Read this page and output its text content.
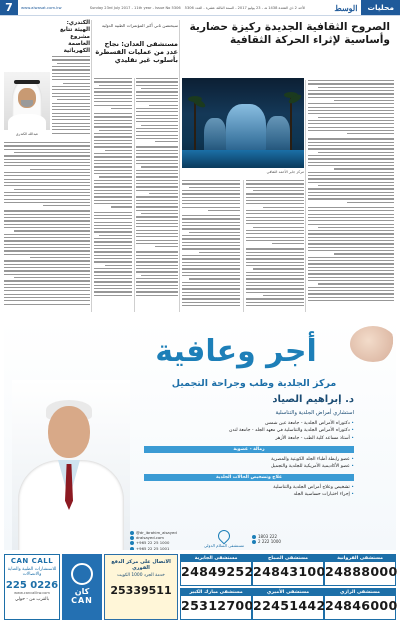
7	www.alwasat.com.kw	Sunday 23rd July 2017 - 11th year - Issue No 5306 الأحد 2 ذي القعدة 1438 هـ - 23 يوليو 2017 - السنة الثالثة عشرة - العدد 5306	الوسط	محليات
الصروح الثقافية الجديدة ركيزة حضارية وأساسية لإثراء الحركة الثقافية
مركز جابر الأحمد الثقافي
سيحتضن ثاني أكبر المؤتمرات الطبية الدولية
مستشفى العدان: نجاح عدد من عمليات القسطرة بأسلوب غير تقليدي
الكندري: الهيئة تتابع مشروع العاصمة الكهربائية
عبدالله الكندري
أجر وعافية
مركز الجلدية وطب وجراحة التجميل
د. إبراهيم الصياد
استشاري أمراض الجلدية والتناسلية
• دكتوراه الأمراض الجلدية - جامعة عين شمس
• دكتوراه الأمراض الجلدية والتناسلية في معهد الجلد - جامعة لندن
• أستاذ مساعد كلية الطب - جامعة الأزهر
زمالة - عضوية
• عضو رابطة أطباء الجلد الكويتية والمصرية
• عضو الأكاديمية الأمريكية للجلدية والتجميل
علاج وتشخيص الحالات الجلدية
• تشخيص وعلاج أمراض الجلدية والتناسلية
• إجراء اختبارات حساسية الجلد
@dr_ibrahim_alsayed
dralsayed.com
+965 22 25 1000
+965 22 25 1001
مستشفى السلام الدولي
1803 222
2 222 1000
CAN CALL
للاستشارات الطبية والعناية والاتصالات
225 0226
www.cancallkw.com
بالقرب من - حولي
كان
CAN
الاتصال على مركز الدفع الفوري
خدمة الجرد 1000 الكويت
25339511
مستشفى الجابرية
24849252
مستشفى الصباح
24843100
مستشفى الفروانية
24888000
مستشفى مبارك الكبير
25312700
مستشفى الأميري
22451442
مستشفى الرازي
24846000
